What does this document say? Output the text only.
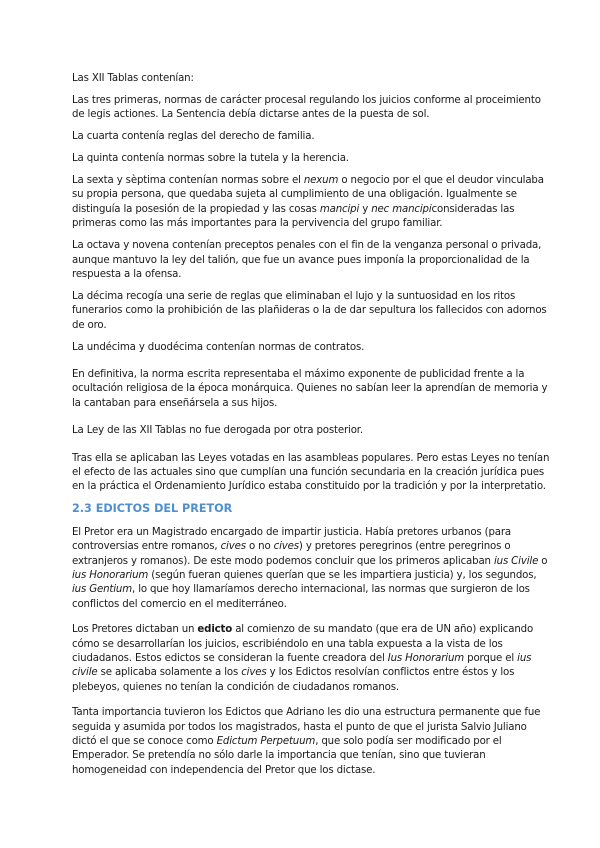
Las XII Tablas contenían:

Las tres primeras, normas de carácter procesal regulando los juicios conforme al proceimiento de legis actiones. La Sentencia debía dictarse antes de la puesta de sol.

La cuarta contenía reglas del derecho de familia.

La quinta contenía normas sobre la tutela y la herencia.

La sexta y sèptima contenían normas sobre el nexum o negocio por el que el deudor vinculaba su propia persona, que quedaba sujeta al cumplimiento de una obligación. Igualmente se distinguía la posesión de la propiedad y las cosas mancipi y nec mancipiconsideradas las primeras como las más importantes para la pervivencia del grupo familiar.

La octava y novena contenían preceptos penales con el fin de la venganza personal o privada, aunque mantuvo la ley del talión, que fue un avance pues imponía la proporcionalidad de la respuesta a la ofensa.

La décima recogía una serie de reglas que eliminaban el lujo y la suntuosidad en los ritos funerarios como la prohibición de las plañideras o la de dar sepultura los fallecidos con adornos de oro.

La undécima y duodécima contenían normas de contratos.

En definitiva, la norma escrita representaba el máximo exponente de publicidad frente a la ocultación religiosa de la época monárquica. Quienes no sabían leer la aprendían de memoria y la cantaban para enseñársela a sus hijos.

La Ley de las XII Tablas no fue derogada por otra posterior.

Tras ella se aplicaban las Leyes votadas en las asambleas populares. Pero estas Leyes no tenían el efecto de las actuales sino que cumplían una función secundaria en la creación jurídica pues en la práctica el Ordenamiento Jurídico estaba constituido por la tradición y por la interpretatio.

2.3 EDICTOS DEL PRETOR

El Pretor era un Magistrado encargado de impartir justicia. Había pretores urbanos (para controversias entre romanos, cives o no cives) y pretores peregrinos (entre peregrinos o extranjeros y romanos). De este modo podemos concluir que los primeros aplicaban ius Civile o ius Honorarium (según fueran quienes querían que se les impartiera justicia) y, los segundos, ius Gentium, lo que hoy llamaríamos derecho internacional, las normas que surgieron de los conflictos del comercio en el mediterráneo.

Los Pretores dictaban un edicto al comienzo de su mandato (que era de UN año) explicando cómo se desarrollarían los juicios, escribiéndolo en una tabla expuesta a la vista de los ciudadanos. Estos edictos se consideran la fuente creadora del Ius Honorarium porque el ius civile se aplicaba solamente a los cives y los Edictos resolvían conflictos entre éstos y los plebeyos, quienes no tenían la condición de ciudadanos romanos.

Tanta importancia tuvieron los Edictos que Adriano les dio una estructura permanente que fue seguida y asumida por todos los magistrados, hasta el punto de que el jurista Salvio Juliano dictó el que se conoce como Edictum Perpetuum, que solo podía ser modificado por el Emperador. Se pretendía no sólo darle la importancia que tenían, sino que tuvieran homogeneidad con independencia del Pretor que los dictase.
